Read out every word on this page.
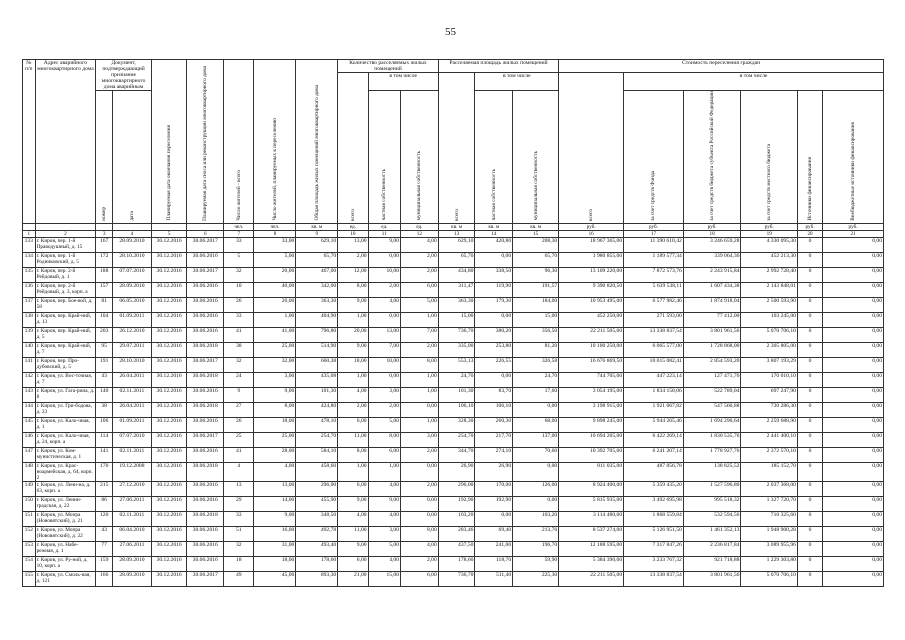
55
№ п/п	Адрес аварийного многоквартирного дома	Документ, подтверждающий признание многоквартирного дома аварийным		Планируемая дата окончания переселения	Планируемая дата сноса или реконструкции многоквартирного дома	Число жителей - всего	Число жителей, планируемых к переселению	Общая площадь жилых помещений многоквартирного дома	Количество расселяемых жилых помещений			Расселяемая площадь жилых помещений			Стоимость переселения граждан					
									всего	в том числе		всего	в том числе		всего	в том числе				
		номер	дата							частная собственность	муниципальная собственность		частная собственность	муниципальная собственность		за счет средств Фонда	за счет средств бюджета субъекта Российской Федерации	за счет средств местного бюджета	Источники финансирования	Внебюджетные источники финансирования
						чел.	чел.	кв. м	ед.	ед.	ед.	кв. м	кв. м	кв. м	руб.	руб.	руб.	руб.	руб.	руб.
1	2	3	4	5	6	7	8	9	10	11	12	13	14	15	16	17	18	19	20	21
133	г. Киров, пер. 1-й Праводушный, д. 15	167	28.09.2010	30.12.2016	30.06.2017	33	33,00	629,10	13,00	9,00	4,00	629,10	420,80	208,30	18 967 365,00	11 390 610,42	3 246 659,28	4 330 095,30	0	0,00
134	г. Киров, пер. 1-й Родниковский, д. 5	172	28.10.2010	30.12.2016	30.06.2016	5	5,00	65,70	2,00	0,00	2,00	65,70	0,00	65,70	1 980 855,00	1 189 577,34	339 064,36	452 213,30	0	0,00
135	г. Киров, пер. 2-й Рейдовый, д. 1	188	07.07.2010	30.12.2016	30.06.2017	32	20,00	467,00	12,00	10,00	2,00	434,80	338,50	96,30	13 109 220,00	7 872 573,76	2 243 915,84	2 992 728,40	0	0,00
136	г. Киров, пер. 2-й Рейдовый, д. 3, корп. а	157	28.09.2010	30.12.2016	30.06.2016	10	40,00	342,00	8,00	2,00	6,00	311,47	119,90	191,57	9 390 820,50	5 639 538,11	1 607 434,38	2 143 848,01	0	0,00
137	г. Киров, пер. Бое-вой, д. 58	81	06.05.2010	30.12.2016	30.06.2016	26	26,00	363,30	9,00	4,00	5,00	363,30	179,30	184,00	10 953 495,00	6 577 982,46	1 874 918,04	2 500 593,90	0	0,00
138	г. Киров, пер. Край-ний, д. 13	104	01.09.2011	30.12.2016	30.06.2016	33	1,00	404,90	1,00	0,00	1,00	15,00	0,00	15,00	452 250,00	271 593,00	77 412,00	103 245,00	0	0,00
139	г. Киров, пер. Край-ний, д. 5	203	26.12.2010	30.12.2016	30.06.2016	41	41,00	796,80	20,00	13,00	7,00	736,70	380,20	356,50	22 211 505,00	13 338 837,54	3 801 961,56	5 070 706,10	0	0,00
140	г. Киров, пер. Край-ний, д. 7	95	29.07.2011	30.12.2016	30.06.2018	38	25,00	514,90	9,00	7,00	2,00	335,00	253,80	81,20	10 100 250,00	6 065 577,00	1 728 868,00	2 305 805,00	0	0,00
141	г. Киров, пер. Про-дубовский, д. 5	191	28.10.2010	30.12.2016	30.06.2017	32	32,00	660,38	18,00	10,00	8,00	553,13	226,55	326,58	16 676 869,50	10 015 082,41	2 854 593,20	3 807 193,29	0	0,00
142	г. Киров, ул. Вос-точная, д. 7	43	26.04.2011	30.12.2016	30.06.2018	24	3,00	435,08	1,00	0,00	1,00	24,70	0,00	24,70	744 705,00	447 223,14	127 471,76	170 010,10	0	0,00
143	г. Киров, ул. Гага-рина, д. 8	140	02.11.2011	30.12.2016	30.06.2016	9	9,00	101,30	4,00	3,00	1,00	101,30	83,70	17,60	3 054 195,00	1 834 158,06	522 789,04	697 247,90	0	0,00
144	г. Киров, ул. Гри-бодова, д. 23	38	26.04.2011	30.12.2016	30.06.2018	27	8,00	424,80	2,00	2,00	0,00	106,10	106,10	0,00	3 198 915,00	1 921 067,82	547 560,88	730 286,30	0	0,00
145	г. Киров, ул. Кало-чная, д. 1	106	01.09.2011	30.12.2016	30.06.2016	26	18,00	478,10	6,00	5,00	1,00	328,30	260,30	68,00	9 898 245,00	5 944 265,46	1 694 290,64	2 259 688,90	0	0,00
146	г. Киров, ул. Кало-чная, д. 24, корп. а	114	07.07.2010	30.12.2016	30.06.2017	25	25,00	254,70	11,00	8,00	3,00	254,70	217,70	137,00	10 694 205,00	6 422 269,14	1 830 535,76	2 441 400,10	0	0,00
147	г. Киров, ул. Ком-мунистическая, д. 1	141	02.11.2011	30.12.2016	30.06.2016	41	28,00	584,10	8,00	6,00	2,00	344,70	274,10	70,60	10 392 705,00	6 241 207,14	1 778 927,76	2 372 570,10	0	0,00
148	г. Киров, ул. Крас-ноармейская, д. 64, корп. 2	170	19.12.2008	30.12.2016	30.06.2018	4	4,00	458,60	1,00	1,00	0,00	26,90	26,90	0,00	811 035,00	487 056,78	138 825,52	185 152,70	0	0,00
149	г. Киров, ул. Лени-на, д. 63, корп. а	215	27.12.2010	30.12.2016	30.06.2016	13	13,00	296,00	6,00	4,00	2,00	296,00	170,00	126,00	8 924 400,00	5 359 435,20	1 527 596,80	2 037 368,00	0	0,00
150	г. Киров, ул. Ленин-градская, д. 22	86	27.06.2011	30.12.2016	30.06.2016	29	14,00	455,90	9,00	9,00	0,00	192,90	192,90	0,00	5 815 935,00	3 492 695,98	995 518,32	1 327 720,70	0	0,00
151	г. Киров, ул. Мопра (Нововятский), д. 21	120	02.11.2011	30.12.2016	30.06.2018	33	9,00	348,50	4,00	4,00	0,00	103,20	0,00	103,20	3 114 480,00	1 868 559,84	532 594,56	710 325,60	0	0,00
152	г. Киров, ул. Мопра (Нововятский), д. 22	43	06.04.2010	30.12.2016	30.06.2016	51	16,00	492,78	11,00	3,00	8,00	283,46	69,40	213,76	8 537 274,00	5 126 951,50	1 461 352,13	1 948 900,28	0	0,00
153	г. Киров, ул. Набе-режная, д. 1	77	27.06.2011	30.12.2016	30.06.2016	32	31,00	493,40	9,00	5,00	4,00	437,50	241,00	196,70	12 188 595,00	7 317 847,26	2 236 817,84	3 089 955,96	0	0,00
154	г. Киров, ул. Ру-ной, д. 10, корп. а	159	28.09.2010	30.12.2016	30.06.2016	18	18,00	178,60	6,00	4,00	2,00	178,60	118,70	59,90	5 384 390,00	3 233 767,32	921 718,88	1 229 303,80	0	0,00
155	г. Киров, ул. Смоль-ная, д. 121	166	28.09.2010	30.12.2016	30.06.2017	49	45,00	893,30	21,00	15,00	6,00	736,70	511,40	225,30	22 211 505,00	13 338 837,54	3 801 961,56	5 070 706,10	0	0,00
